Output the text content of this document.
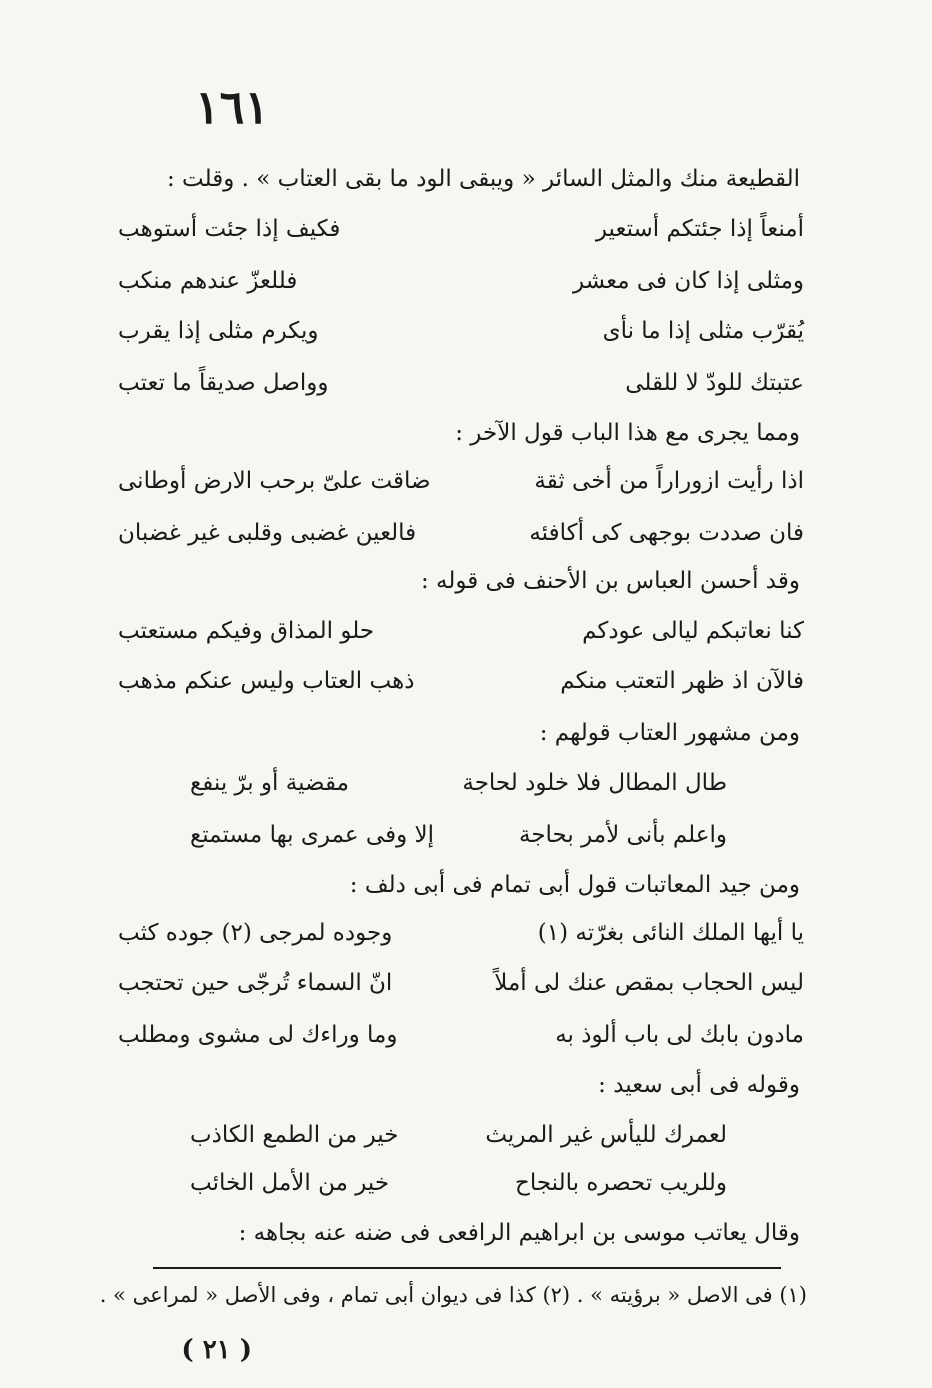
١٦١
القطيعة منك والمثل السائر « ويبقى الود ما بقى العتاب » . وقلت :
أمنعاً إذا جئتكم أستعير
فكيف إذا جئت أستوهب
ومثلى إذا كان فى معشر
فللعزّ عندهم منكب
يُقرّب مثلى إذا ما نأى
ويكرم مثلى إذا يقرب
عتبتك للودّ لا للقلى
وواصل صديقاً ما تعتب
ومما يجرى مع هذا الباب قول الآخر :
اذا رأيت ازوراراً من أخى ثقة
ضاقت علىّ برحب الارض أوطانى
فان صددت بوجهى كى أكافئه
فالعين غضبى وقلبى غير غضبان
وقد أحسن العباس بن الأحنف فى قوله :
كنا نعاتبكم ليالى عودكم
حلو المذاق وفيكم مستعتب
فالآن اذ ظهر التعتب منكم
ذهب العتاب وليس عنكم مذهب
ومن مشهور العتاب قولهم :
طال المطال فلا خلود لحاجة
مقضية أو برّ ينفع
واعلم بأنى لأمر بحاجة
إلا وفى عمرى بها مستمتع
ومن جيد المعاتبات قول أبى تمام فى أبى دلف :
يا أيها الملك النائى بغرّته (١)
وجوده لمرجى (٢) جوده كثب
ليس الحجاب بمقص عنك لى أملاً
انّ السماء تُرجّى حين تحتجب
مادون بابك لى باب ألوذ به
وما وراءك لى مشوى ومطلب
وقوله فى أبى سعيد :
لعمرك لليأس غير المريث
خير من الطمع الكاذب
وللريب تحصره بالنجاح
خير من الأمل الخائب
وقال يعاتب موسى بن ابراهيم الرافعى فى ضنه عنه بجاهه :
(١) فى الاصل « برؤيته » . (٢) كذا فى ديوان أبى تمام ، وفى الأصل « لمراعى » .
( ٢١ )
